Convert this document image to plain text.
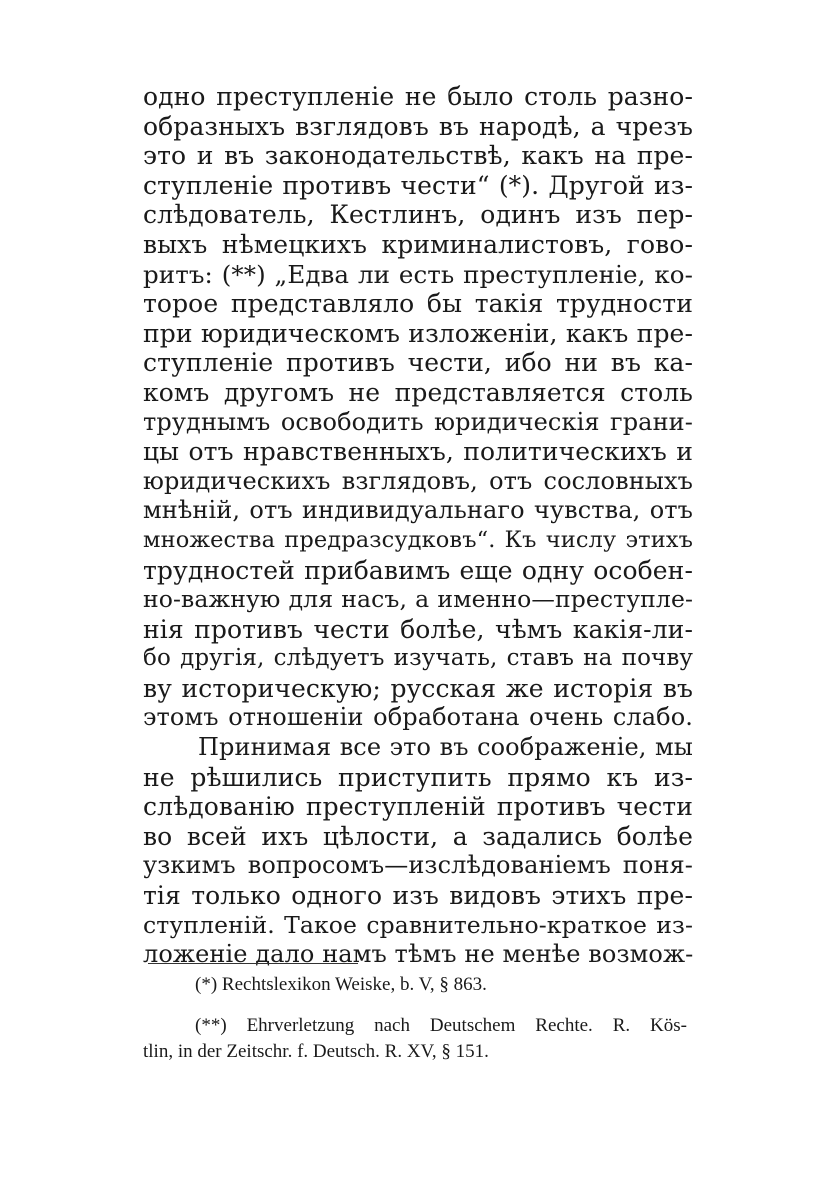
одно преступленіе не было столь разно-
образныхъ взглядовъ въ народѣ, а чрезъ
это и въ законодательствѣ, какъ на пре-
ступленіе противъ чести“ (*). Другой из-
слѣдователь, Кестлинъ, одинъ изъ пер-
выхъ нѣмецкихъ криминалистовъ, гово-
ритъ: (**) „Едва ли есть преступленіе, ко-
торое представляло бы такія трудности
при юридическомъ изложеніи, какъ пре-
ступленіе противъ чести, ибо ни въ ка-
комъ другомъ не представляется столь
труднымъ освободить юридическія грани-
цы отъ нравственныхъ, политическихъ и
юридическихъ взглядовъ, отъ сословныхъ
мнѣній, отъ индивидуальнаго чувства, отъ
множества предразсудковъ“. Къ числу этихъ
трудностей прибавимъ еще одну особен-
но-важную для насъ, а именно—преступле-
нія противъ чести болѣе, чѣмъ какія-ли-
бо другія, слѣдуетъ изучать, ставъ на почву
ву историческую; русская же исторія въ
этомъ отношеніи обработана очень слабо.
Принимая все это въ соображеніе, мы
не рѣшились приступить прямо къ из-
слѣдованію преступленій противъ чести
во всей ихъ цѣлости, а задались болѣе
узкимъ вопросомъ—изслѣдованіемъ поня-
тія только одного изъ видовъ этихъ пре-
ступленій. Такое сравнительно-краткое из-
ложеніе дало намъ тѣмъ не менѣе возмож-
(*) Rechtslexikon Weiske, b. V, § 863.
(**) Ehrverletzung nach Deutschem Rechte. R. Kös-
tlin, in der Zeitschr. f. Deutsch. R. XV, § 151.
